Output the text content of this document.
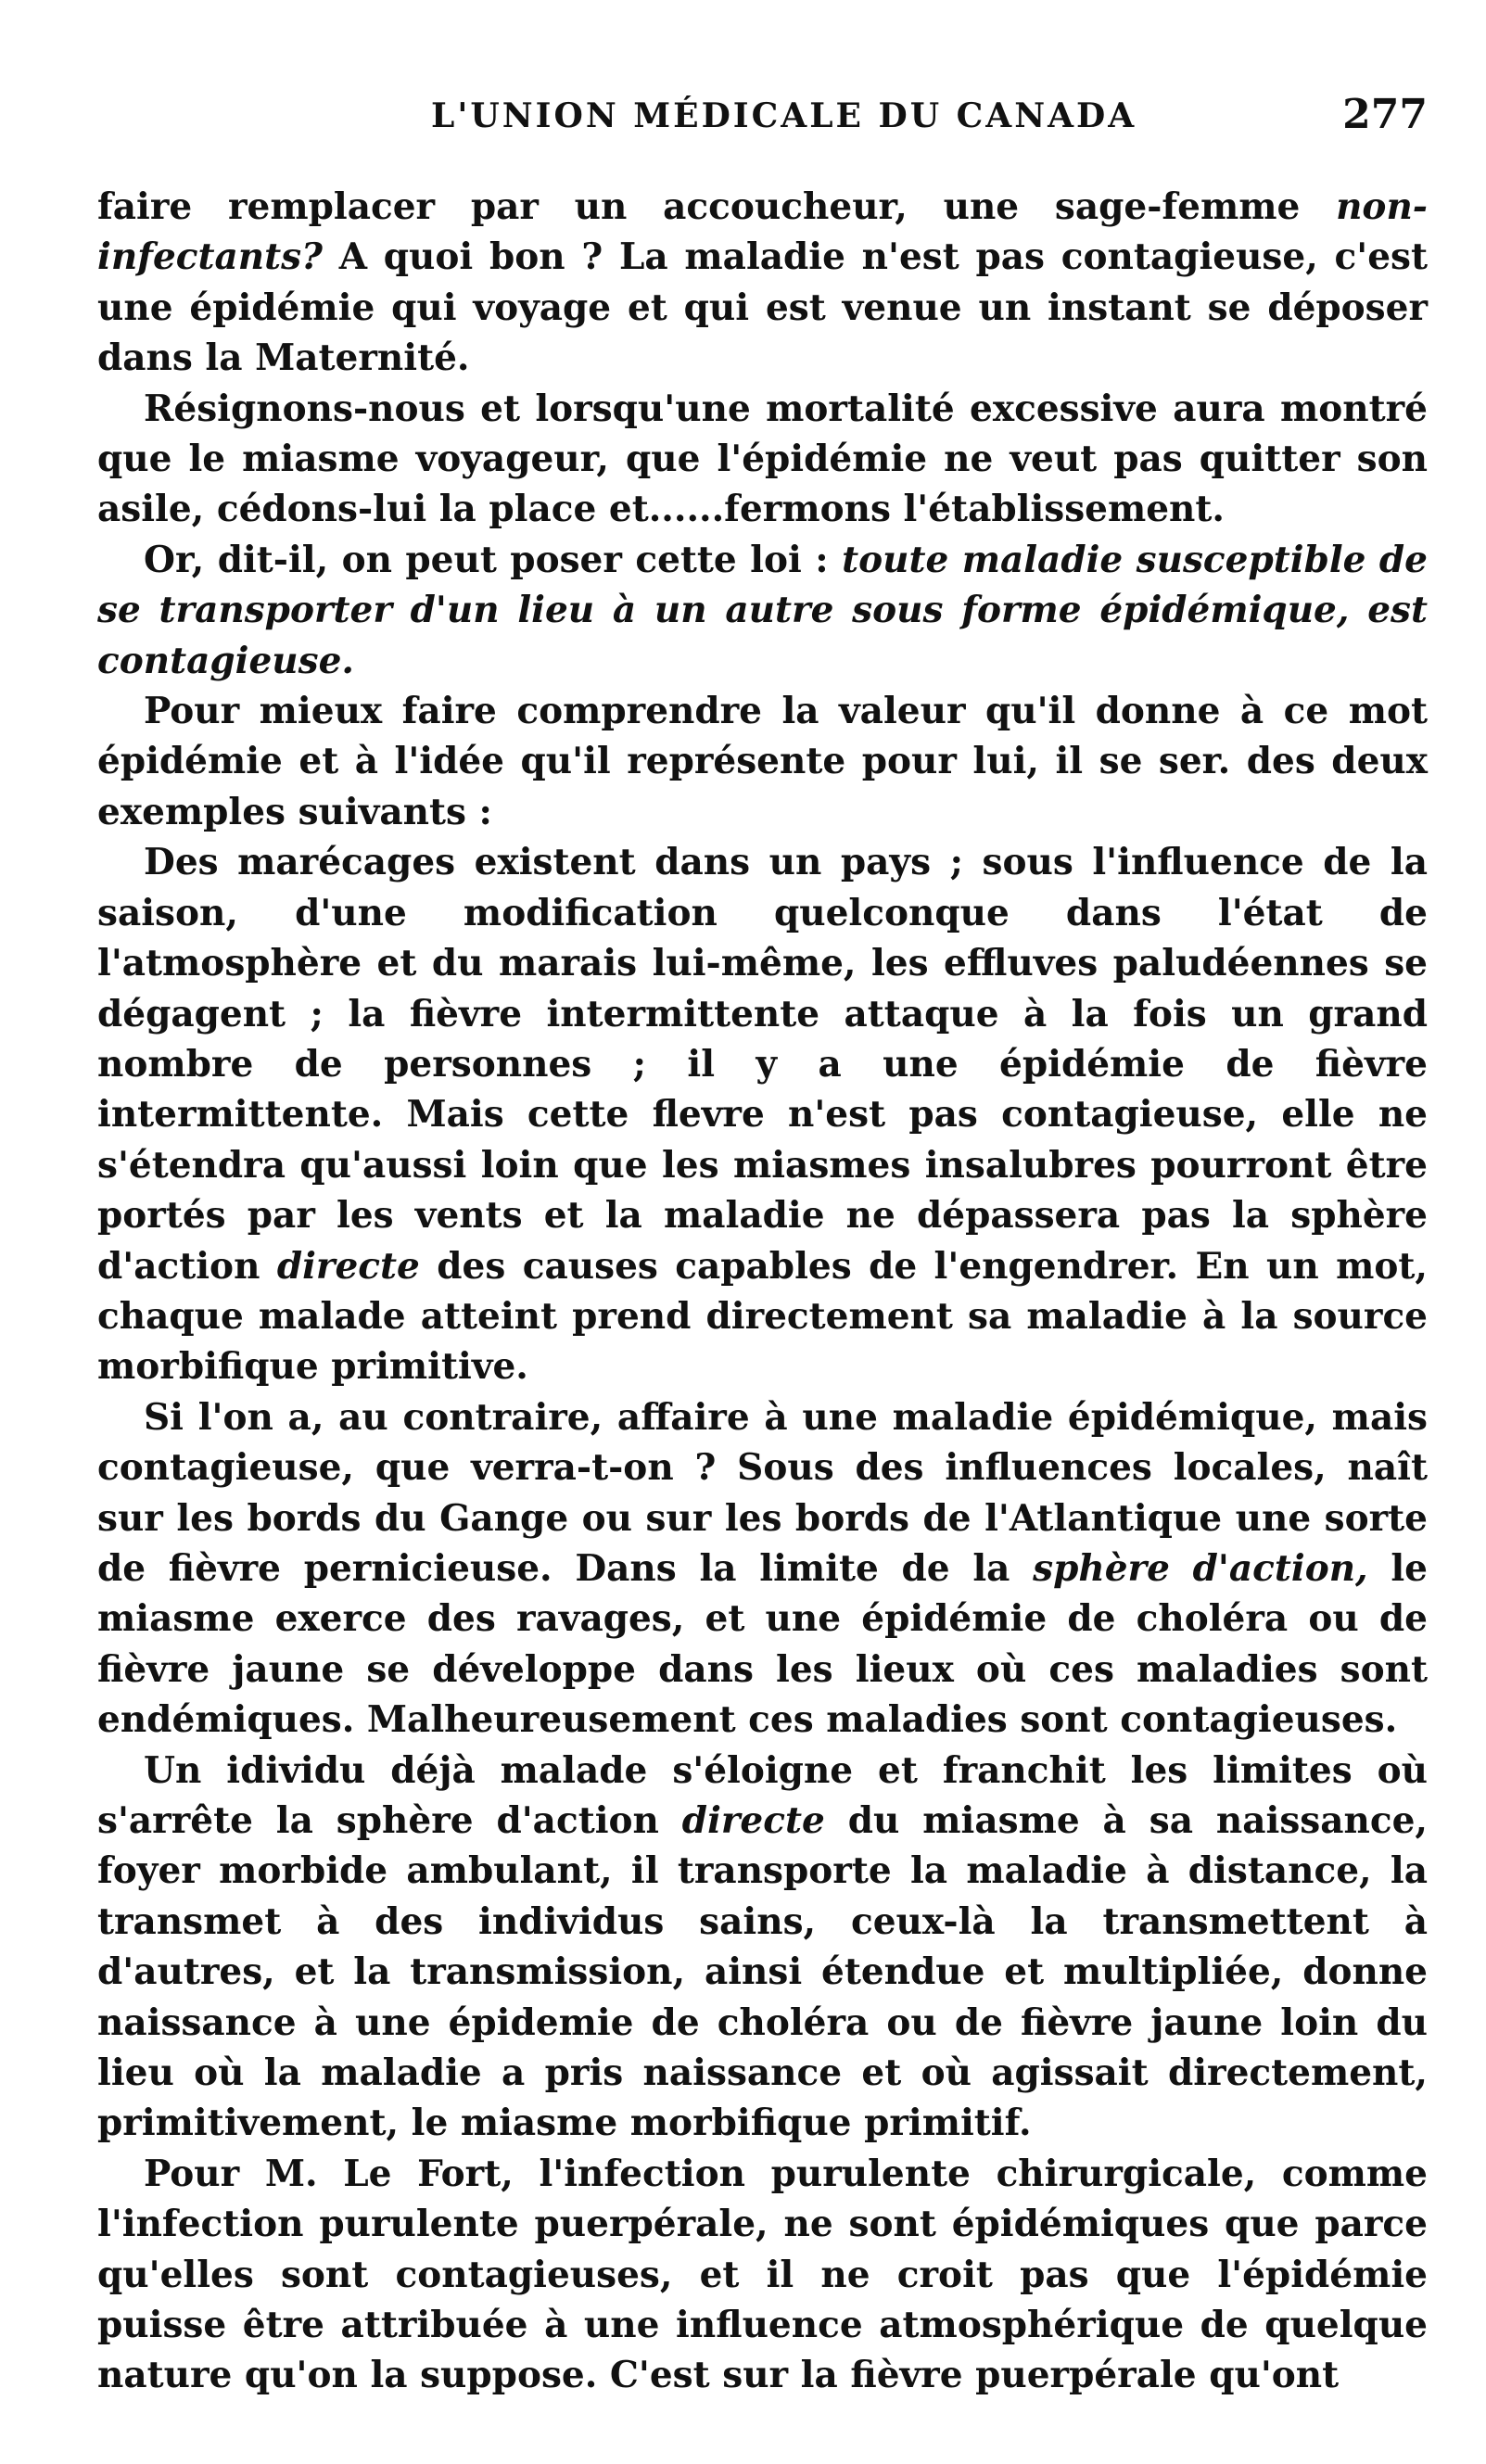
L'UNION MÉDICALE DU CANADA	277

faire remplacer par un accoucheur, une sage-femme non-infectants? A quoi bon ? La maladie n'est pas contagieuse, c'est une épidémie qui voyage et qui est venue un instant se déposer dans la Maternité.

Résignons-nous et lorsqu'une mortalité excessive aura montré que le miasme voyageur, que l'épidémie ne veut pas quitter son asile, cédons-lui la place et......fermons l'établissement.

Or, dit-il, on peut poser cette loi : toute maladie susceptible de se transporter d'un lieu à un autre sous forme épidémique, est contagieuse.

Pour mieux faire comprendre la valeur qu'il donne à ce mot épidémie et à l'idée qu'il représente pour lui, il se ser. des deux exemples suivants :

Des marécages existent dans un pays ; sous l'influence de la saison, d'une modification quelconque dans l'état de l'atmosphère et du marais lui-même, les effluves paludéennes se dégagent ; la fièvre intermittente attaque à la fois un grand nombre de personnes ; il y a une épidémie de fièvre intermittente. Mais cette flevre n'est pas contagieuse, elle ne s'étendra qu'aussi loin que les miasmes insalubres pourront être portés par les vents et la maladie ne dépassera pas la sphère d'action directe des causes capables de l'engendrer. En un mot, chaque malade atteint prend directement sa maladie à la source morbifique primitive.

Si l'on a, au contraire, affaire à une maladie épidémique, mais contagieuse, que verra-t-on ? Sous des influences locales, naît sur les bords du Gange ou sur les bords de l'Atlantique une sorte de fièvre pernicieuse. Dans la limite de la sphère d'action, le miasme exerce des ravages, et une épidémie de choléra ou de fièvre jaune se développe dans les lieux où ces maladies sont endémiques. Malheureusement ces maladies sont contagieuses.

Un idividu déjà malade s'éloigne et franchit les limites où s'arrête la sphère d'action directe du miasme à sa naissance, foyer morbide ambulant, il transporte la maladie à distance, la transmet à des individus sains, ceux-là la transmettent à d'autres, et la transmission, ainsi étendue et multipliée, donne naissance à une épidemie de choléra ou de fièvre jaune loin du lieu où la maladie a pris naissance et où agissait directement, primitivement, le miasme morbifique primitif.

Pour M. Le Fort, l'infection purulente chirurgicale, comme l'infection purulente puerpérale, ne sont épidémiques que parce qu'elles sont contagieuses, et il ne croit pas que l'épidémie puisse être attribuée à une influence atmosphérique de quelque nature qu'on la suppose. C'est sur la fièvre puerpérale qu'ont
